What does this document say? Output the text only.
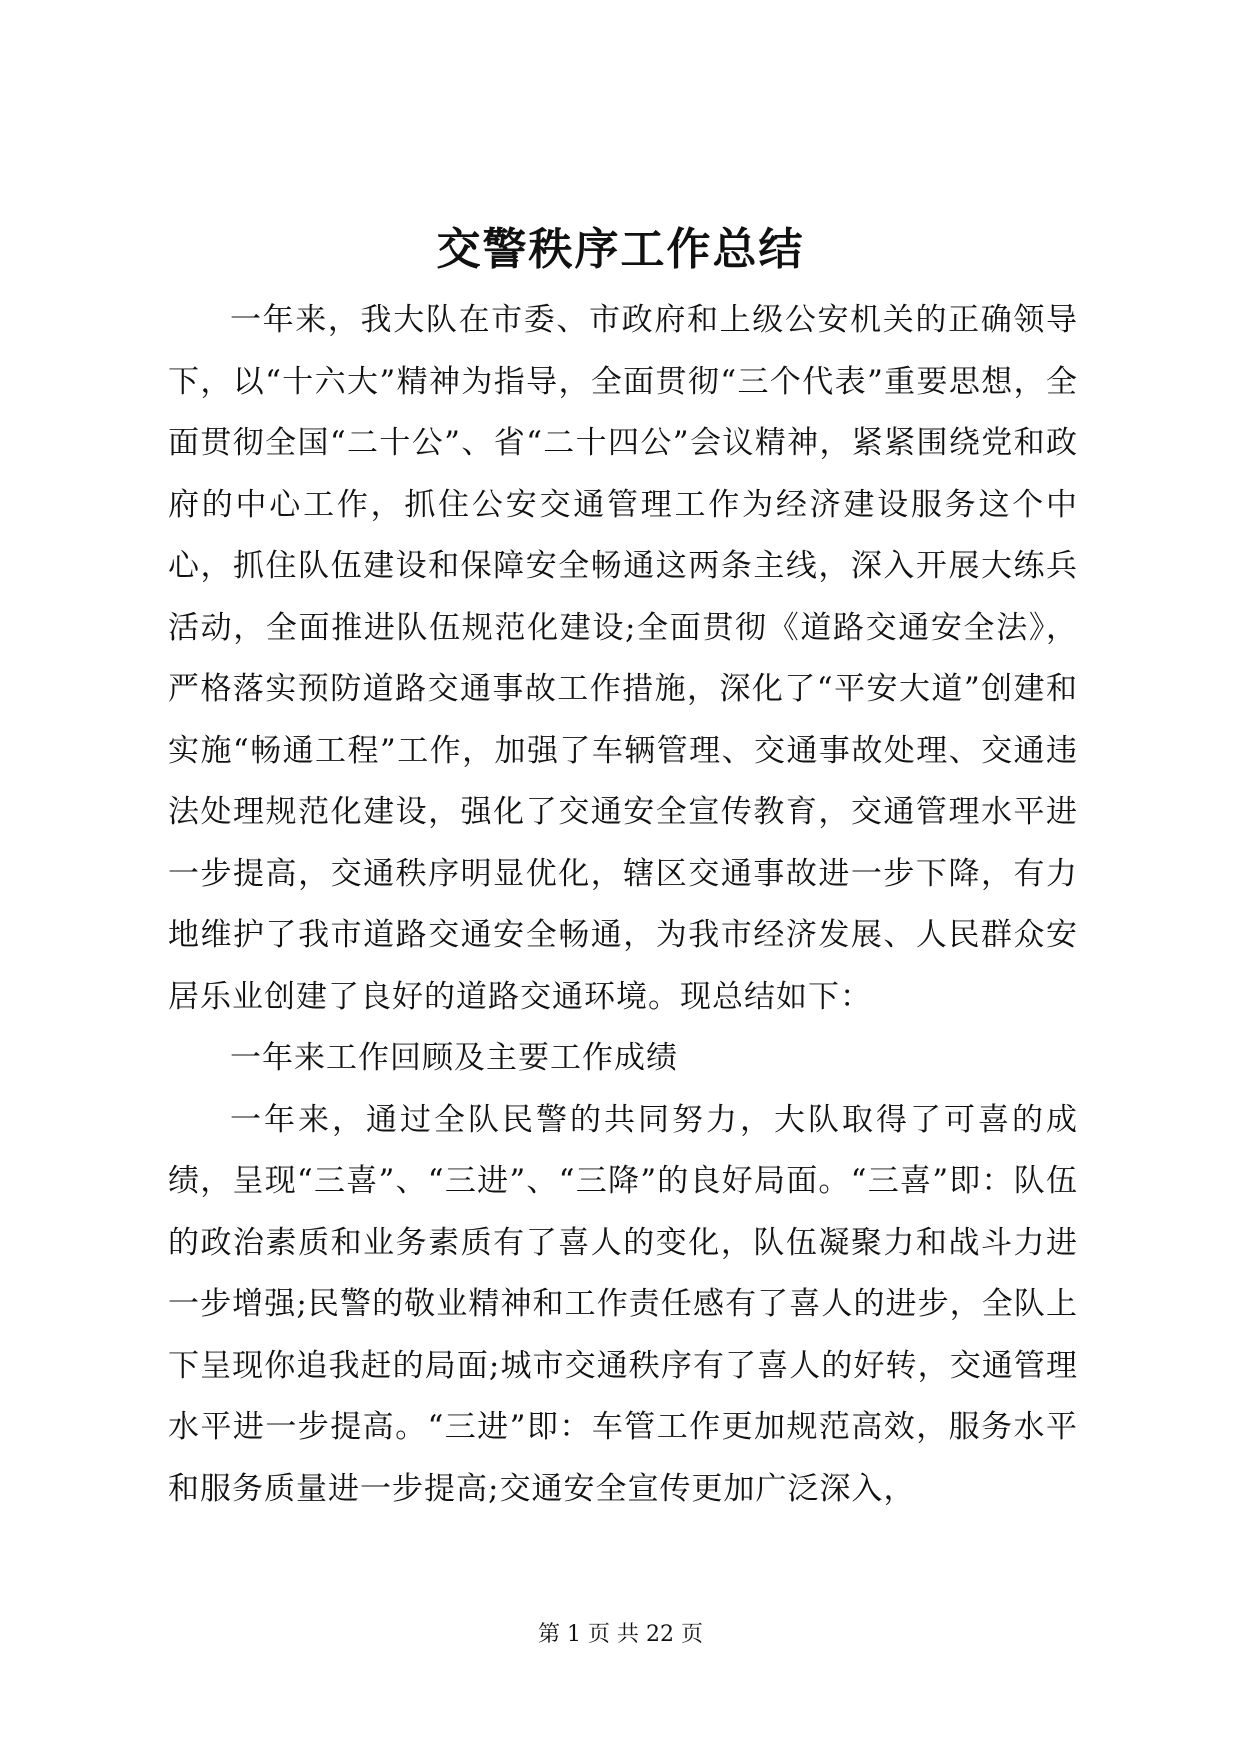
交警秩序工作总结

一年来，我大队在市委、市政府和上级公安机关的正确领导下，以“十六大”精神为指导，全面贯彻“三个代表”重要思想，全面贯彻全国“二十公”、省“二十四公”会议精神，紧紧围绕党和政府的中心工作，抓住公安交通管理工作为经济建设服务这个中心，抓住队伍建设和保障安全畅通这两条主线，深入开展大练兵活动，全面推进队伍规范化建设;全面贯彻《道路交通安全法》，严格落实预防道路交通事故工作措施，深化了“平安大道”创建和实施“畅通工程”工作，加强了车辆管理、交通事故处理、交通违法处理规范化建设，强化了交通安全宣传教育，交通管理水平进一步提高，交通秩序明显优化，辖区交通事故进一步下降，有力地维护了我市道路交通安全畅通，为我市经济发展、人民群众安居乐业创建了良好的道路交通环境。现总结如下：

一年来工作回顾及主要工作成绩

一年来，通过全队民警的共同努力，大队取得了可喜的成绩，呈现“三喜”、“三进”、“三降”的良好局面。“三喜”即：队伍的政治素质和业务素质有了喜人的变化，队伍凝聚力和战斗力进一步增强;民警的敬业精神和工作责任感有了喜人的进步，全队上下呈现你追我赶的局面;城市交通秩序有了喜人的好转，交通管理水平进一步提高。“三进”即：车管工作更加规范高效，服务水平和服务质量进一步提高;交通安全宣传更加广泛深入，

第 1 页 共 22 页
